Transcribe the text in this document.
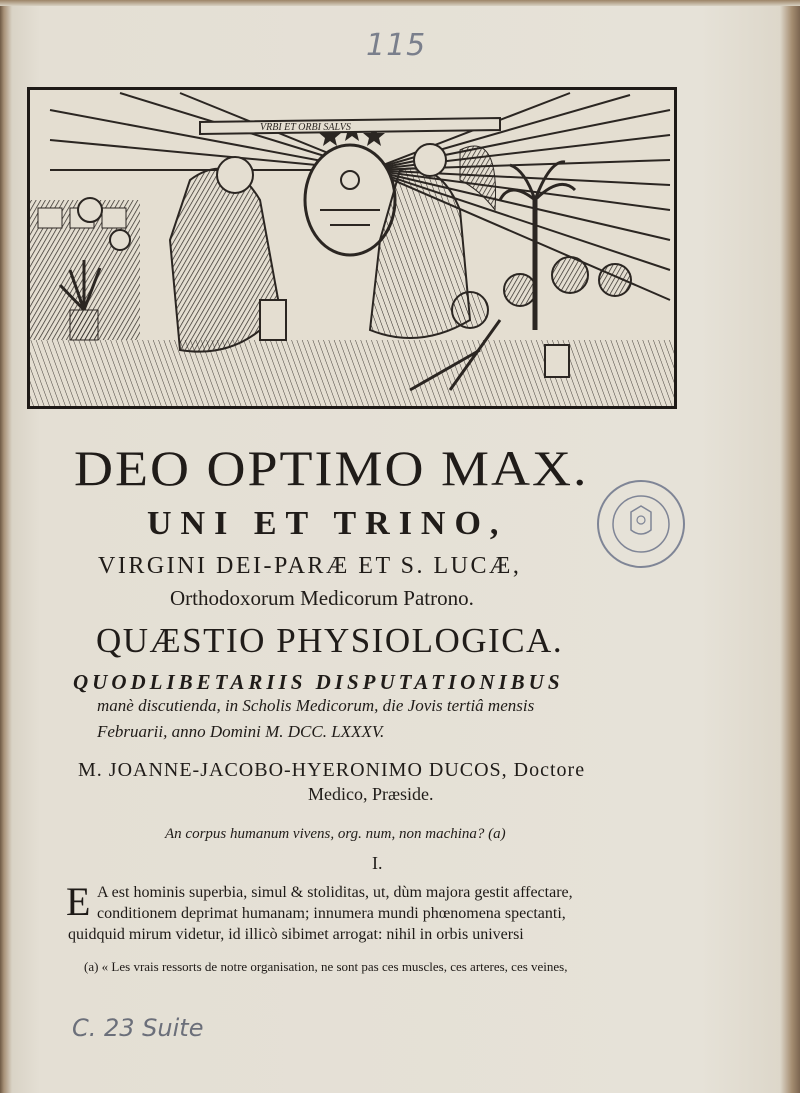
115
VRBI ET ORBI SALVS
DEO OPTIMO MAX.
UNI ET TRINO,
VIRGINI DEI-PARÆ ET S. LUCÆ,
Orthodoxorum Medicorum Patrono.
QUÆSTIO PHYSIOLOGICA.
QUODLIBETARIIS DISPUTATIONIBUS
manè discutienda, in Scholis Medicorum, die Jovis tertiâ mensis
Februarii, anno Domini M. DCC. LXXXV.
M. JOANNE-JACOBO-HYERONIMO DUCOS, Doctore
Medico, Præside.
An corpus humanum vivens, org. num, non machina? (a)
I.
E A est hominis superbia, simul & stoliditas, ut, dùm majora gestit affectare,
conditionem deprimat humanam; innumera mundi phœnomena spectanti,
quidquid mirum videtur, id illicò sibimet arrogat: nihil in orbis universi
(a) « Les vrais ressorts de notre organisation, ne sont pas ces muscles, ces arteres, ces veines,
C. 23 Suite
